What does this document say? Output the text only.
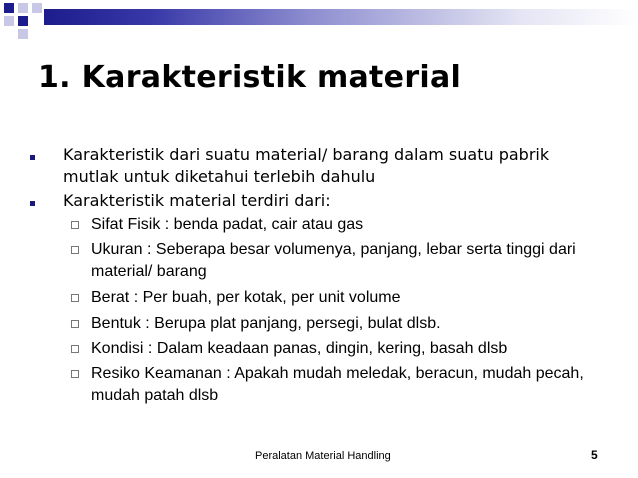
1. Karakteristik material
Karakteristik dari suatu material/ barang dalam suatu pabrik mutlak untuk diketahui terlebih dahulu
Karakteristik material terdiri dari:
Sifat Fisik : benda padat, cair atau gas
Ukuran : Seberapa besar volumenya, panjang, lebar serta tinggi dari material/ barang
Berat : Per buah, per kotak, per unit volume
Bentuk : Berupa plat panjang, persegi, bulat dlsb.
Kondisi : Dalam keadaan panas, dingin, kering, basah dlsb
Resiko Keamanan : Apakah mudah meledak, beracun, mudah pecah, mudah patah dlsb
Peralatan Material Handling	5
